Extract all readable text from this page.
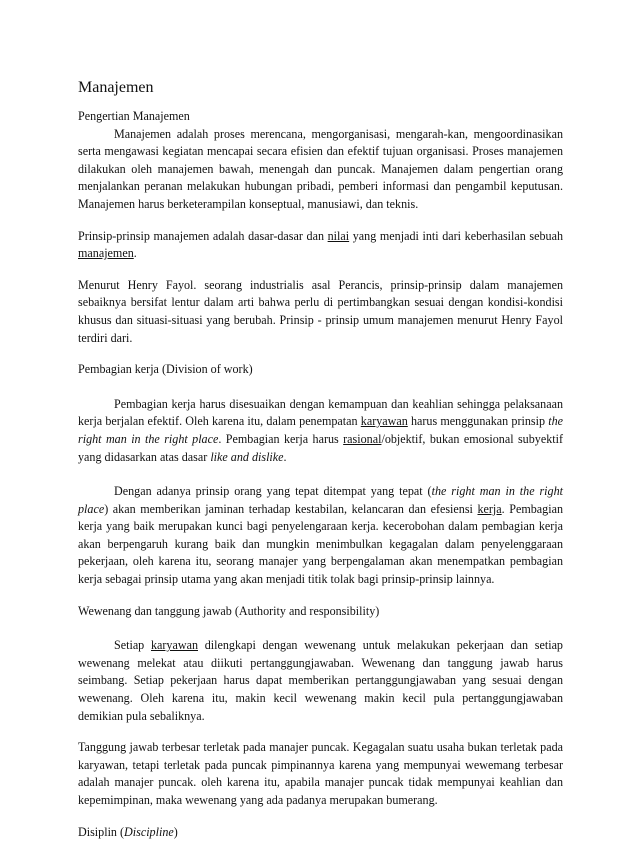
Manajemen

Pengertian Manajemen

Manajemen adalah proses merencana, mengorganisasi, mengarah-kan, mengoordinasikan serta mengawasi kegiatan mencapai secara efisien dan efektif tujuan organisasi. Proses manajemen dilakukan oleh manajemen bawah, menengah dan puncak. Manajemen dalam pengertian orang menjalankan peranan melakukan hubungan pribadi, pemberi informasi dan pengambil keputusan. Manajemen harus berketerampilan konseptual, manusiawi, dan teknis.

Prinsip-prinsip manajemen adalah dasar-dasar dan nilai yang menjadi inti dari keberhasilan sebuah manajemen.

Menurut Henry Fayol. seorang industrialis asal Perancis, prinsip-prinsip dalam manajemen sebaiknya bersifat lentur dalam arti bahwa perlu di pertimbangkan sesuai dengan kondisi-kondisi khusus dan situasi-situasi yang berubah. Prinsip - prinsip umum manajemen menurut Henry Fayol terdiri dari.

Pembagian kerja (Division of work)

Pembagian kerja harus disesuaikan dengan kemampuan dan keahlian sehingga pelaksanaan kerja berjalan efektif. Oleh karena itu, dalam penempatan karyawan harus menggunakan prinsip the right man in the right place. Pembagian kerja harus rasional/objektif, bukan emosional subyektif yang didasarkan atas dasar like and dislike.

Dengan adanya prinsip orang yang tepat ditempat yang tepat (the right man in the right place) akan memberikan jaminan terhadap kestabilan, kelancaran dan efesiensi kerja. Pembagian kerja yang baik merupakan kunci bagi penyelengaraan kerja. kecerobohan dalam pembagian kerja akan berpengaruh kurang baik dan mungkin menimbulkan kegagalan dalam penyelenggaraan pekerjaan, oleh karena itu, seorang manajer yang berpengalaman akan menempatkan pembagian kerja sebagai prinsip utama yang akan menjadi titik tolak bagi prinsip-prinsip lainnya.

Wewenang dan tanggung jawab (Authority and responsibility)

Setiap karyawan dilengkapi dengan wewenang untuk melakukan pekerjaan dan setiap wewenang melekat atau diikuti pertanggungjawaban. Wewenang dan tanggung jawab harus seimbang. Setiap pekerjaan harus dapat memberikan pertanggungjawaban yang sesuai dengan wewenang. Oleh karena itu, makin kecil wewenang makin kecil pula pertanggungjawaban demikian pula sebaliknya.

Tanggung jawab terbesar terletak pada manajer puncak. Kegagalan suatu usaha bukan terletak pada karyawan, tetapi terletak pada puncak pimpinannya karena yang mempunyai wewemang terbesar adalah manajer puncak. oleh karena itu, apabila manajer puncak tidak mempunyai keahlian dan kepemimpinan, maka wewenang yang ada padanya merupakan bumerang.

Disiplin (Discipline)
